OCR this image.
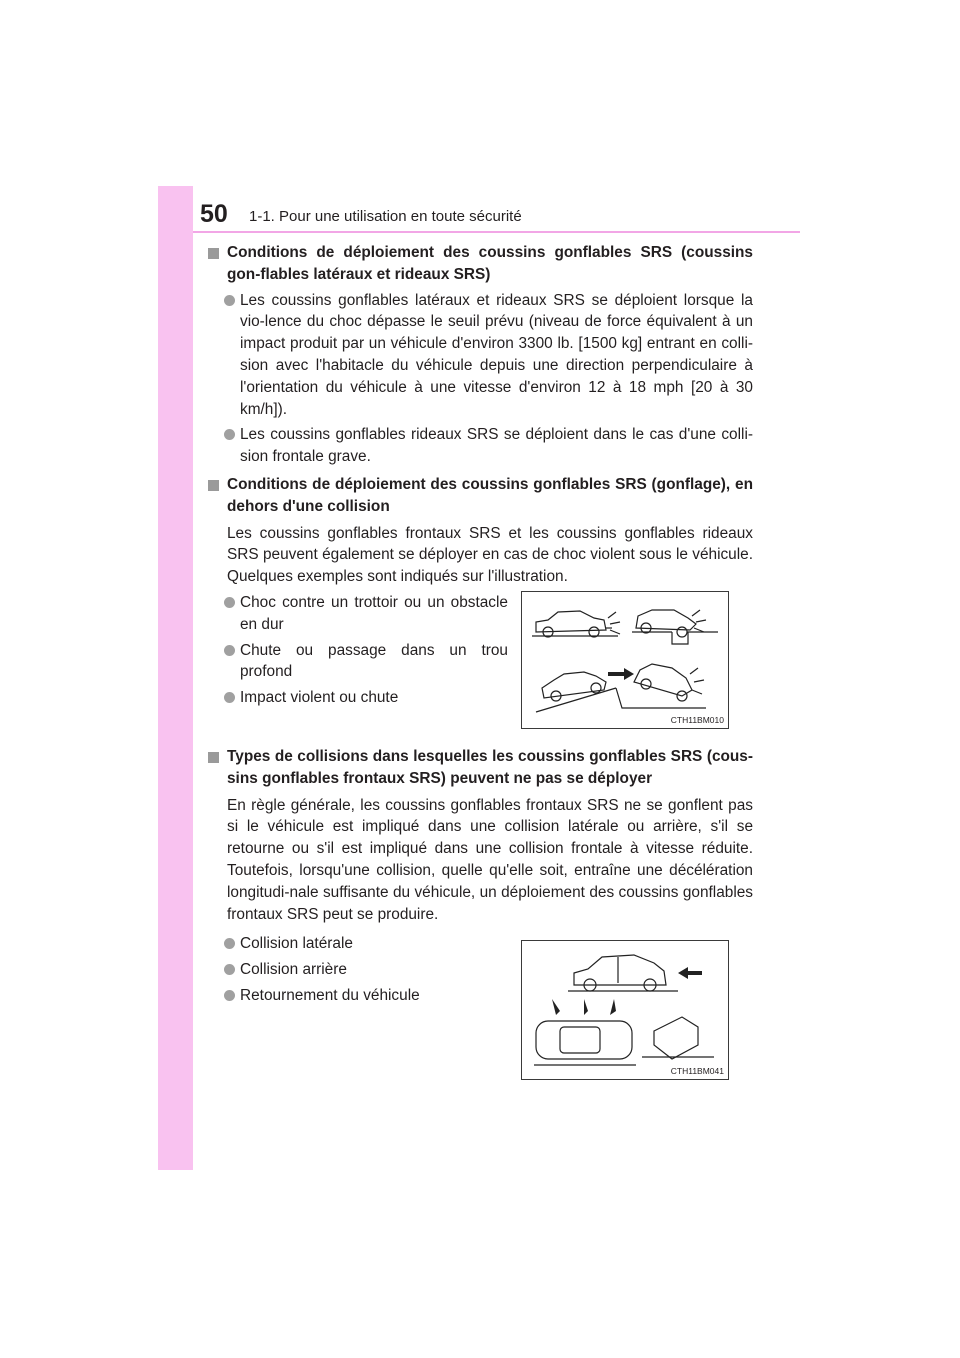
50 1-1. Pour une utilisation en toute sécurité
Conditions de déploiement des coussins gonflables SRS (coussins gon-flables latéraux et rideaux SRS)
Les coussins gonflables latéraux et rideaux SRS se déploient lorsque la vio-lence du choc dépasse le seuil prévu (niveau de force équivalent à un impact produit par un véhicule d'environ 3300 lb. [1500 kg] entrant en colli-sion avec l'habitacle du véhicule depuis une direction perpendiculaire à l'orientation du véhicule à une vitesse d'environ 12 à 18 mph [20 à 30 km/h]).
Les coussins gonflables rideaux SRS se déploient dans le cas d'une colli-sion frontale grave.
Conditions de déploiement des coussins gonflables SRS (gonflage), en dehors d'une collision
Les coussins gonflables frontaux SRS et les coussins gonflables rideaux SRS peuvent également se déployer en cas de choc violent sous le véhicule. Quelques exemples sont indiqués sur l'illustration.
Choc contre un trottoir ou un obstacle en dur
Chute ou passage dans un trou profond
Impact violent ou chute
CTH11BM010
Types de collisions dans lesquelles les coussins gonflables SRS (cous-sins gonflables frontaux SRS) peuvent ne pas se déployer
En règle générale, les coussins gonflables frontaux SRS ne se gonflent pas si le véhicule est impliqué dans une collision latérale ou arrière, s'il se retourne ou s'il est impliqué dans une collision frontale à vitesse réduite. Toutefois, lorsqu'une collision, quelle qu'elle soit, entraîne une décélération longitudi-nale suffisante du véhicule, un déploiement des coussins gonflables frontaux SRS peut se produire.
Collision latérale
Collision arrière
Retournement du véhicule
CTH11BM041
